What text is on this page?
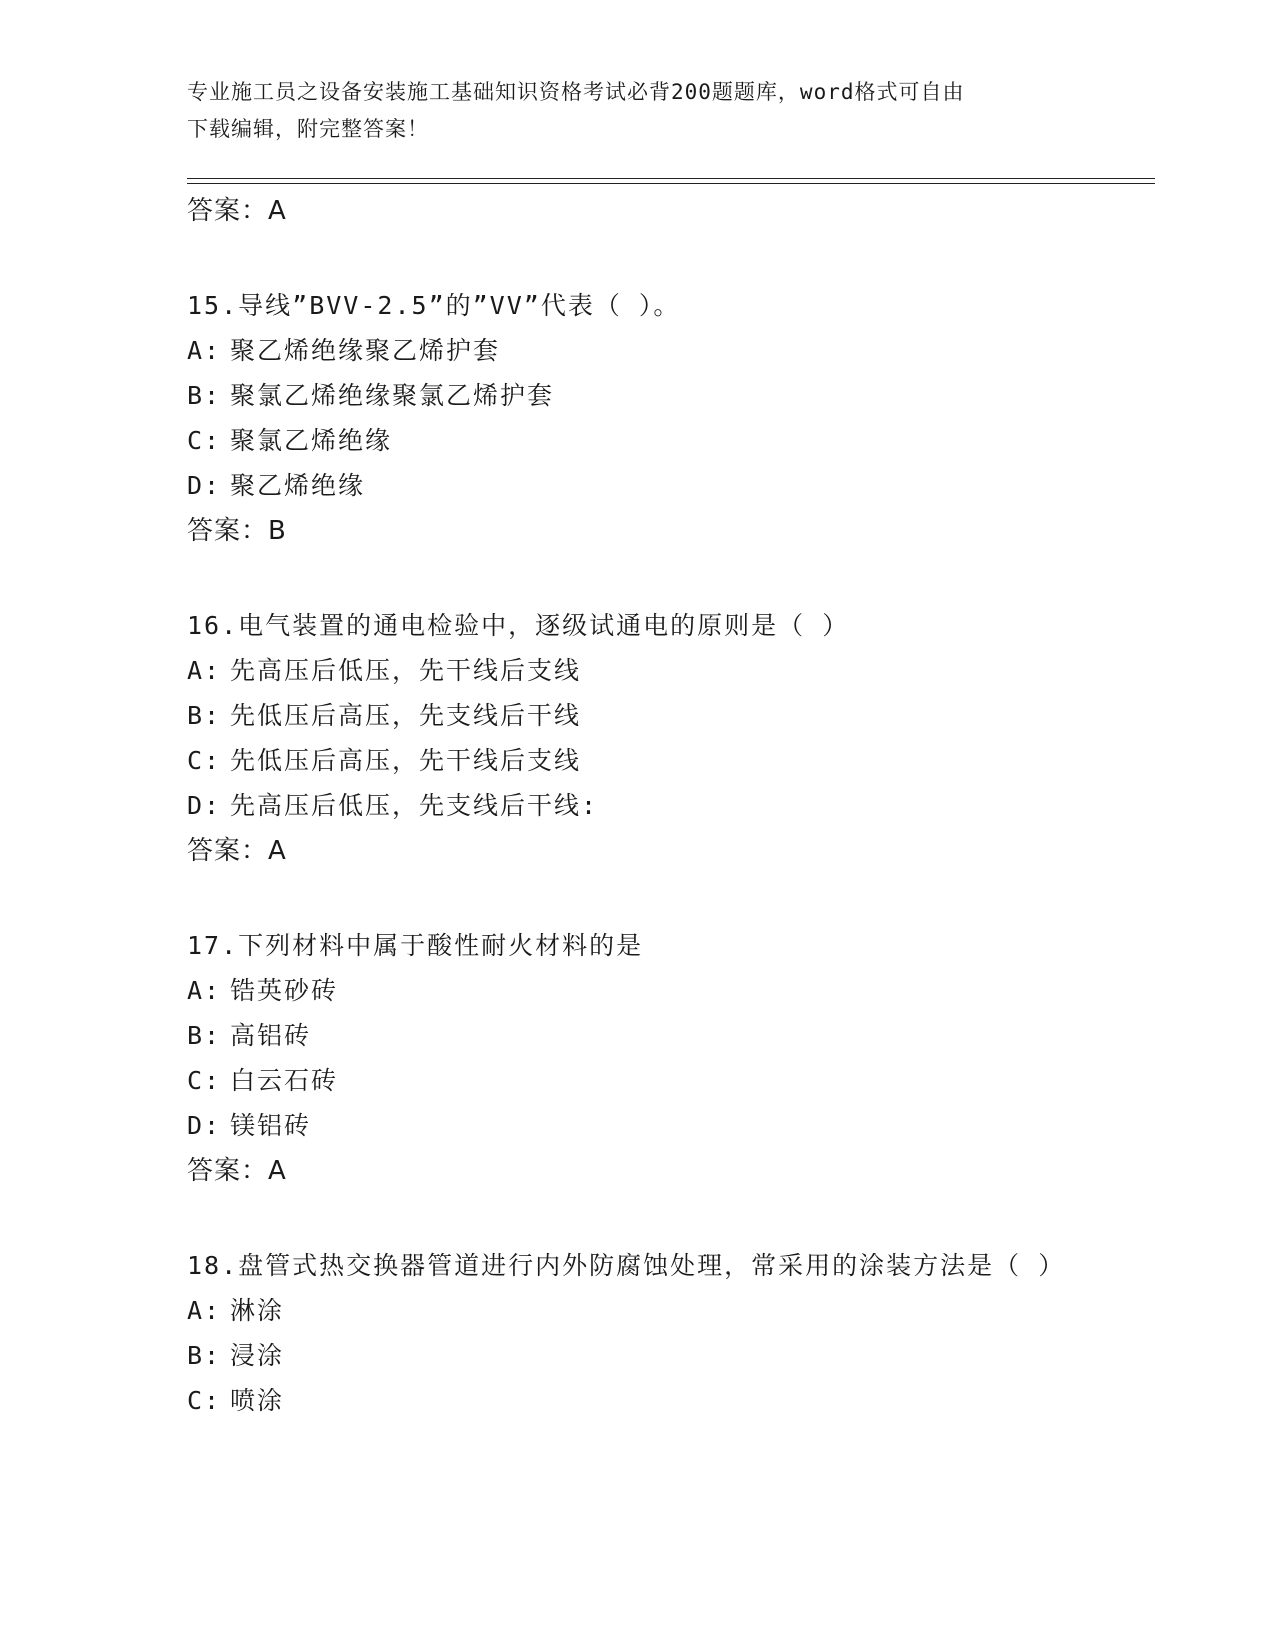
专业施工员之设备安装施工基础知识资格考试必背200题题库，word格式可自由
下载编辑，附完整答案！
答案：A
15.导线”BVV-2.5”的”VV”代表（ ）。
A: 聚乙烯绝缘聚乙烯护套
B: 聚氯乙烯绝缘聚氯乙烯护套
C: 聚氯乙烯绝缘
D: 聚乙烯绝缘
答案：B
16.电气装置的通电检验中，逐级试通电的原则是（ ）
A: 先高压后低压，先干线后支线
B: 先低压后高压，先支线后干线
C: 先低压后高压，先干线后支线
D: 先高压后低压，先支线后干线:
答案：A
17.下列材料中属于酸性耐火材料的是
A: 锆英砂砖
B: 高铝砖
C: 白云石砖
D: 镁铝砖
答案：A
18.盘管式热交换器管道进行内外防腐蚀处理，常采用的涂装方法是（ ）
A: 淋涂
B: 浸涂
C: 喷涂
